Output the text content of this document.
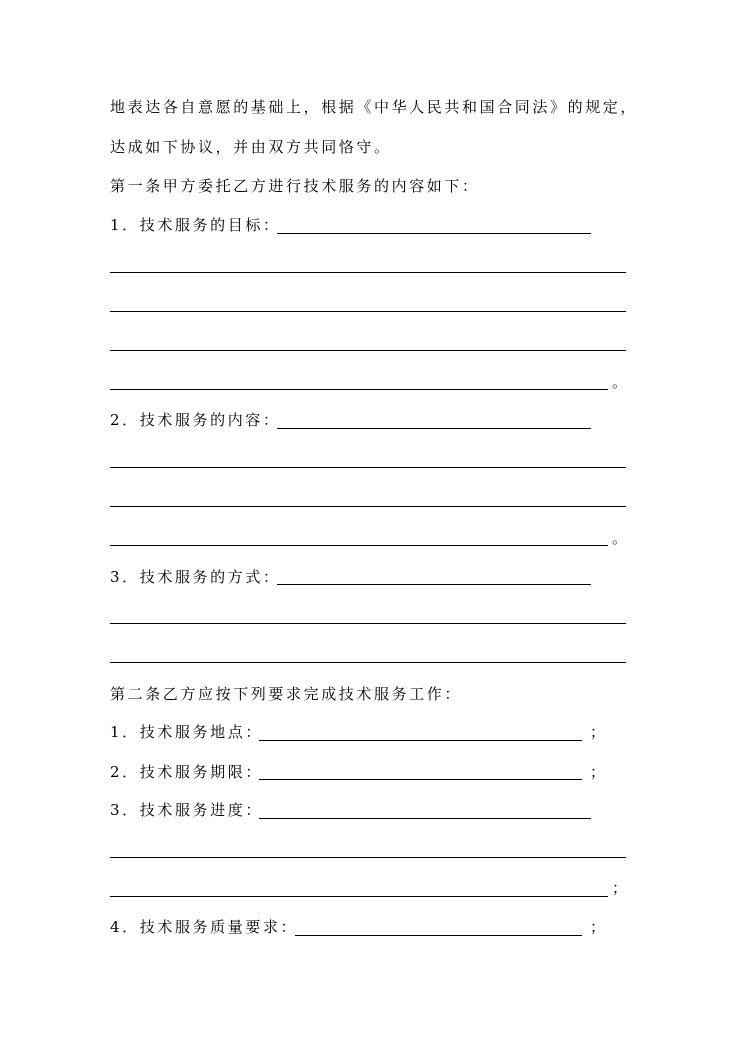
地表达各自意愿的基础上，根据《中华人民共和国合同法》的规定，
达成如下协议，并由双方共同恪守。
第一条甲方委托乙方进行技术服务的内容如下：
1．技术服务的目标：
。
2．技术服务的内容：
。
3．技术服务的方式：
第二条乙方应按下列要求完成技术服务工作：
1．技术服务地点：	；
2．技术服务期限：	；
3．技术服务进度：
；
4．技术服务质量要求：	；
